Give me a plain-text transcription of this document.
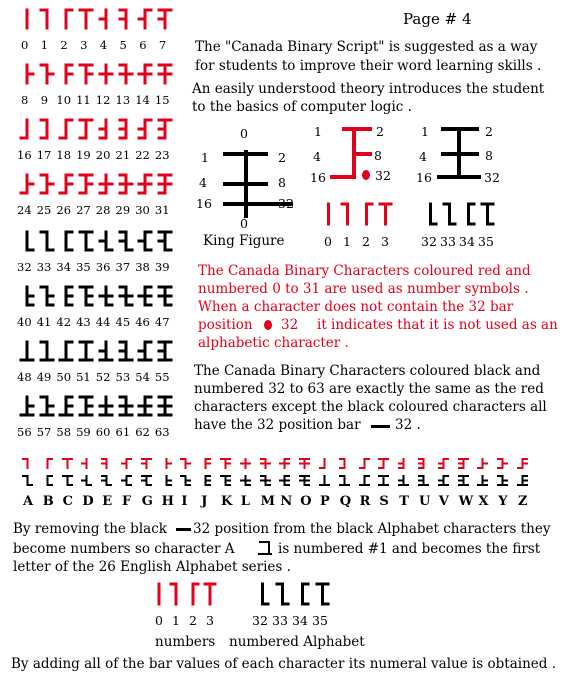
Page # 4
0 1 2 3 4 5 6 7
8 9 10 11 12 13 14 15
16 17 18 19 20 21 22 23
24 25 26 27 28 29 30 31
32 33 34 35 36 37 38 39
40 41 42 43 44 45 46 47
48 49 50 51 52 53 54 55
56 57 58 59 60 61 62 63
The "Canada Binary Script" is suggested as a way
for students to improve their word learning skills .
An easily understood theory introduces the student
to the basics of computer logic .
0
1	2
4	8
16	32
0
King Figure
1	2
4	8
16	32
1	2
4	8
16	32
0 1 2 3	32 33 34 35
The Canada Binary Characters coloured red and
numbered 0 to 31 are used as number symbols .
When a character does not contain the 32 bar
position 32 it indicates that it is not used as an
alphabetic character .
The Canada Binary Characters coloured black and
numbered 32 to 63 are exactly the same as the red
characters except the black coloured characters all
have the 32 position bar	32 .
A B C D E F G H I J K L M N O P Q R S T U V W X Y Z
By removing the black 32 position from the black Alphabet characters they
become numbers so character A	is numbered #1 and becomes the first
letter of the 26 English Alphabet series .
0 1 2 3	32 33 34 35
numbers numbered Alphabet
By adding all of the bar values of each character its numeral value is obtained .
